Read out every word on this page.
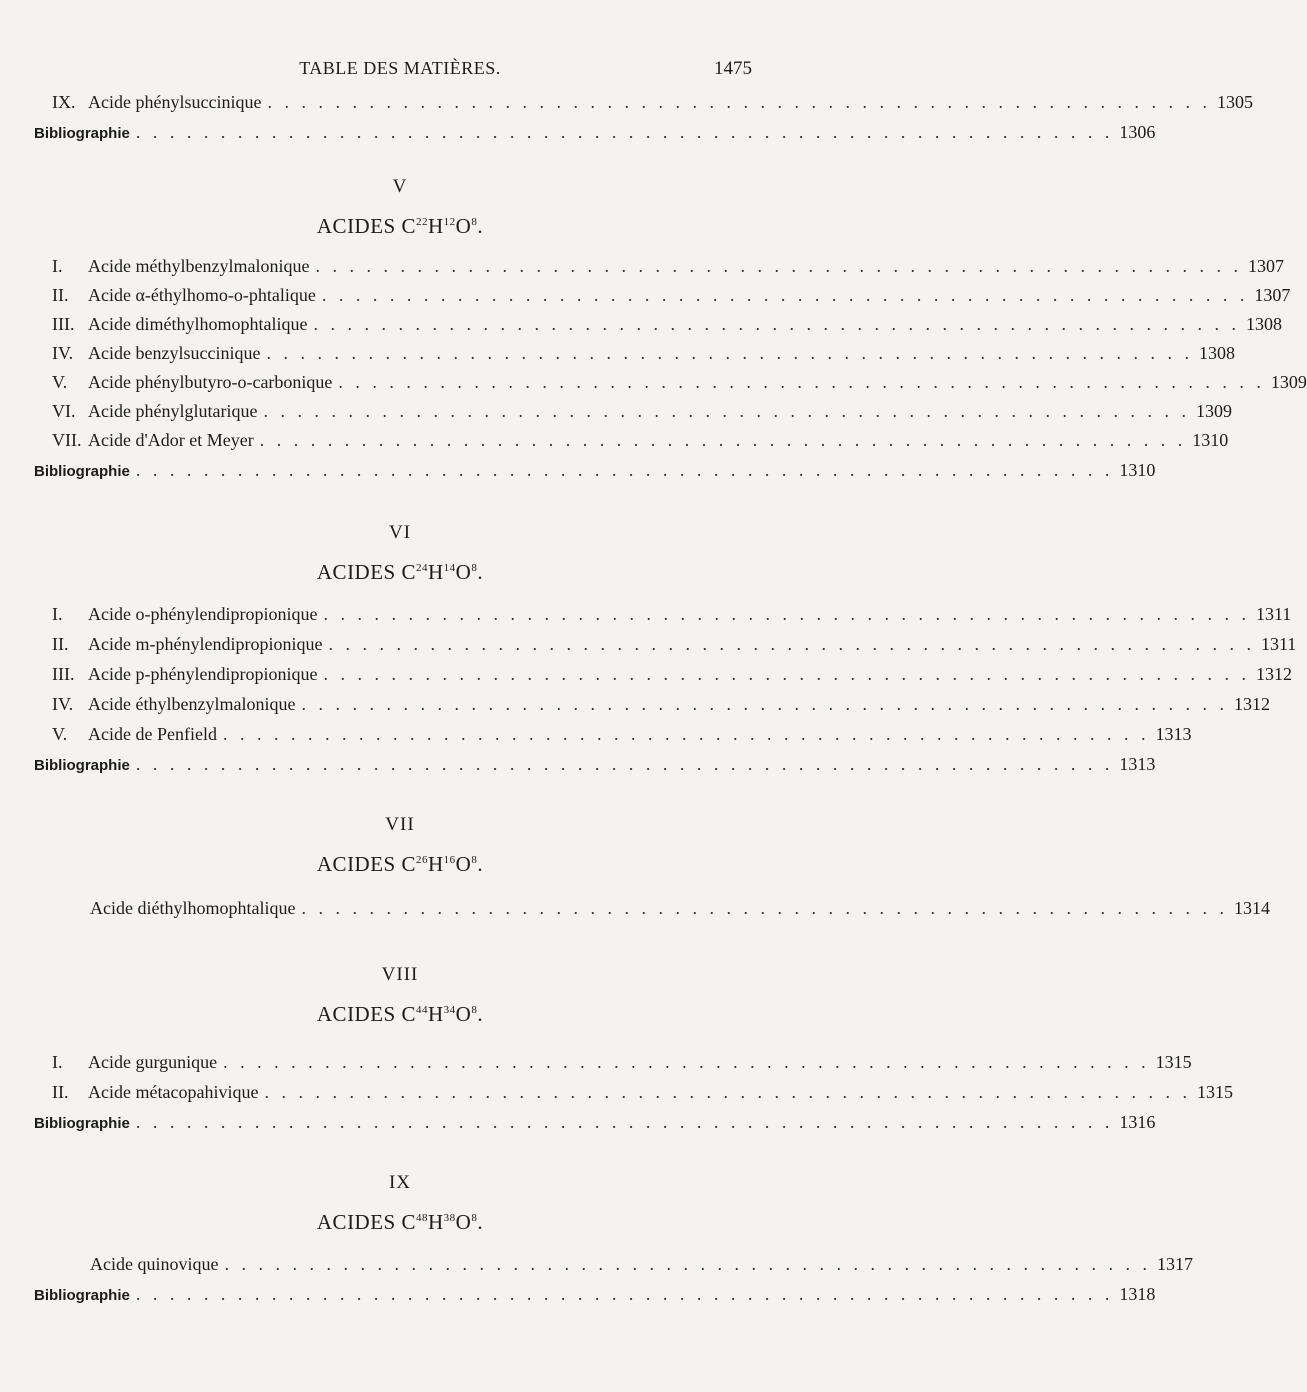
TABLE DES MATIÈRES.	1475
IX. Acide phénylsuccinique . . . . . . . . . . . . . . . . . . . . . . . . . . . . . . . . . . . . . . . . . . . . . . . . . . . . . . . . 1305
Bibliographie . . . . . . . . . . . . . . . . . . . . . . . . . . . . . . . . . . . . . . . . . . . . . . . . . . . . . . . . . . 1306
V
ACIDES $C^{22}H^{12}O^8$.
I.	Acide méthylbenzylmalonique . . . . . . . . . . . . . . . . . . . . . . . . . . . . . . . . . . . . . . . . . . . . . . . . . . . . . . . 1307
II.	Acide α-éthylhomo-o-phtalique . . . . . . . . . . . . . . . . . . . . . . . . . . . . . . . . . . . . . . . . . . . . . . . . . . . . . . . 1307
III. Acide diméthylhomophtalique . . . . . . . . . . . . . . . . . . . . . . . . . . . . . . . . . . . . . . . . . . . . . . . . . . . . . . . 1308
IV. Acide benzylsuccinique . . . . . . . . . . . . . . . . . . . . . . . . . . . . . . . . . . . . . . . . . . . . . . . . . . . . . . . 1308
V.	Acide phénylbutyro-o-carbonique . . . . . . . . . . . . . . . . . . . . . . . . . . . . . . . . . . . . . . . . . . . . . . . . . . . . . . . 1309
VI. Acide phénylglutarique . . . . . . . . . . . . . . . . . . . . . . . . . . . . . . . . . . . . . . . . . . . . . . . . . . . . . . . 1309
VII. Acide d'Ador et Meyer . . . . . . . . . . . . . . . . . . . . . . . . . . . . . . . . . . . . . . . . . . . . . . . . . . . . . . . 1310
Bibliographie . . . . . . . . . . . . . . . . . . . . . . . . . . . . . . . . . . . . . . . . . . . . . . . . . . . . . . . . . . 1310
VI
ACIDES $C^{24}H^{14}O^8$.
I.	Acide o-phénylendipropionique . . . . . . . . . . . . . . . . . . . . . . . . . . . . . . . . . . . . . . . . . . . . . . . . . . . . . . . 1311
II.	Acide m-phénylendipropionique . . . . . . . . . . . . . . . . . . . . . . . . . . . . . . . . . . . . . . . . . . . . . . . . . . . . . . . 1311
III. Acide p-phénylendipropionique . . . . . . . . . . . . . . . . . . . . . . . . . . . . . . . . . . . . . . . . . . . . . . . . . . . . . . . 1312
IV. Acide éthylbenzylmalonique . . . . . . . . . . . . . . . . . . . . . . . . . . . . . . . . . . . . . . . . . . . . . . . . . . . . . . . 1312
V.	Acide de Penfield . . . . . . . . . . . . . . . . . . . . . . . . . . . . . . . . . . . . . . . . . . . . . . . . . . . . . . . 1313
Bibliographie . . . . . . . . . . . . . . . . . . . . . . . . . . . . . . . . . . . . . . . . . . . . . . . . . . . . . . . . . . 1313
VII
ACIDES $C^{26}H^{16}O^8$.
Acide diéthylhomophtalique . . . . . . . . . . . . . . . . . . . . . . . . . . . . . . . . . . . . . . . . . . . . . . . . . . . . . . . 1314
VIII
ACIDES $C^{44}H^{34}O^8$.
I.	Acide gurgunique . . . . . . . . . . . . . . . . . . . . . . . . . . . . . . . . . . . . . . . . . . . . . . . . . . . . . . . 1315
II.	Acide métacopahivique . . . . . . . . . . . . . . . . . . . . . . . . . . . . . . . . . . . . . . . . . . . . . . . . . . . . . . . 1315
Bibliographie . . . . . . . . . . . . . . . . . . . . . . . . . . . . . . . . . . . . . . . . . . . . . . . . . . . . . . . . . . 1316
IX
ACIDES $C^{48}H^{38}O^8$.
Acide quinovique . . . . . . . . . . . . . . . . . . . . . . . . . . . . . . . . . . . . . . . . . . . . . . . . . . . . . . . 1317
Bibliographie . . . . . . . . . . . . . . . . . . . . . . . . . . . . . . . . . . . . . . . . . . . . . . . . . . . . . . . . . . 1318
